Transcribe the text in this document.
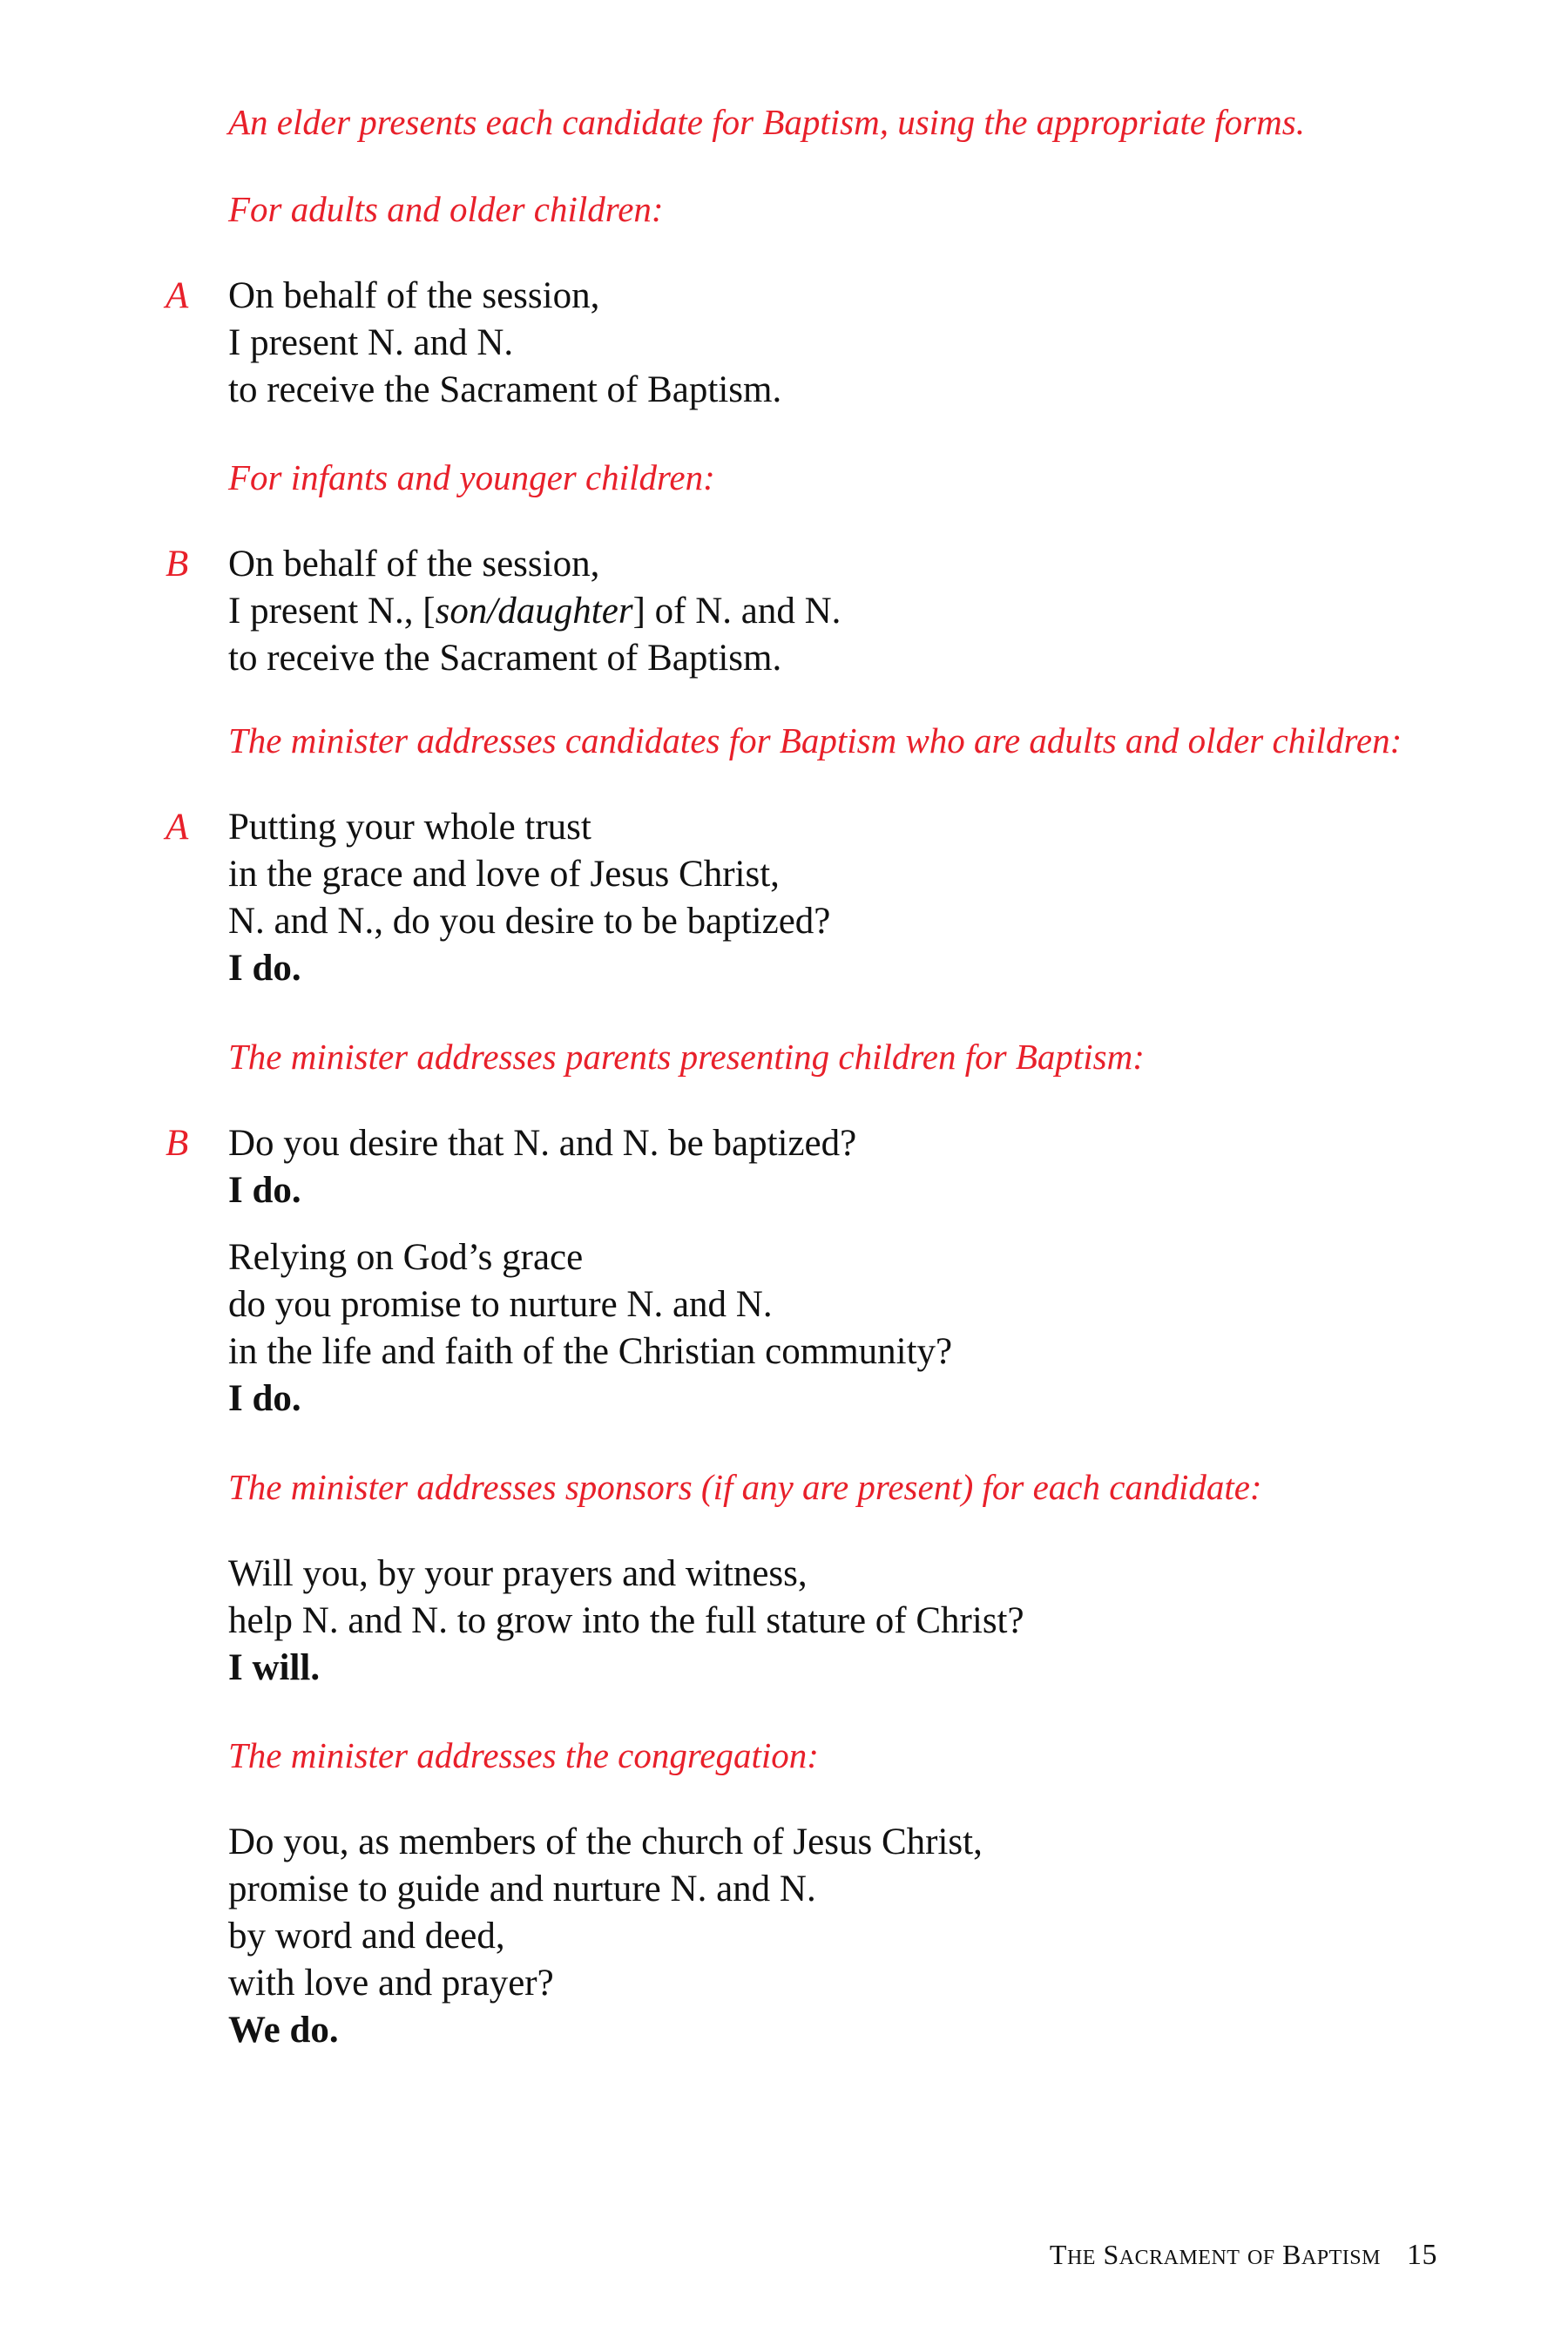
An elder presents each candidate for Baptism, using the appropriate forms.
For adults and older children:
A On behalf of the session,
I present N. and N.
to receive the Sacrament of Baptism.
For infants and younger children:
B On behalf of the session,
I present N., [son/daughter] of N. and N.
to receive the Sacrament of Baptism.
The minister addresses candidates for Baptism who are adults and older children:
A Putting your whole trust
in the grace and love of Jesus Christ,
N. and N., do you desire to be baptized?
I do.
The minister addresses parents presenting children for Baptism:
B Do you desire that N. and N. be baptized?
I do.
Relying on God’s grace
do you promise to nurture N. and N.
in the life and faith of the Christian community?
I do.
The minister addresses sponsors (if any are present) for each candidate:
Will you, by your prayers and witness,
help N. and N. to grow into the full stature of Christ?
I will.
The minister addresses the congregation:
Do you, as members of the church of Jesus Christ,
promise to guide and nurture N. and N.
by word and deed,
with love and prayer?
We do.
THE SACRAMENT OF BAPTISM 15
